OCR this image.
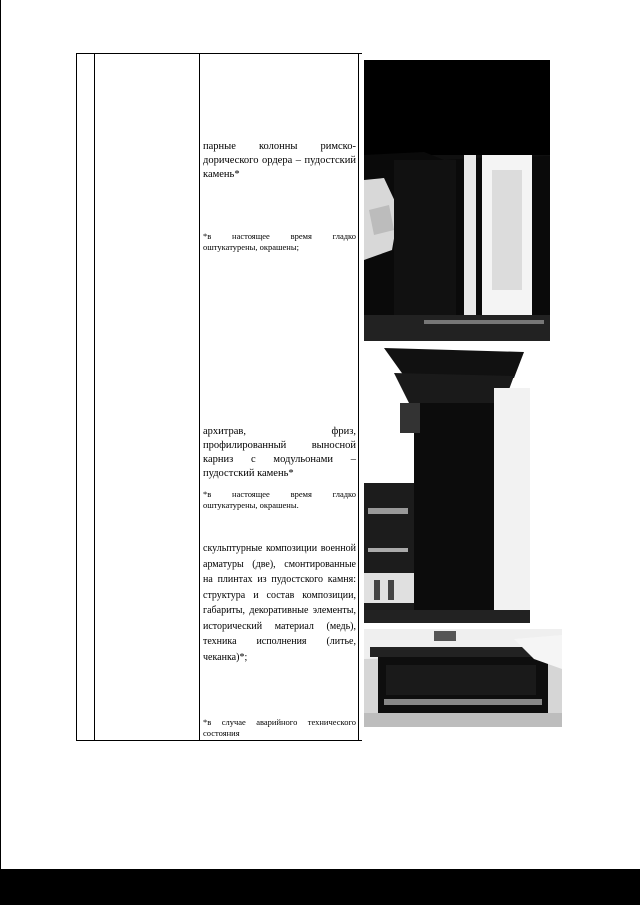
парные колонны римско-дорического ордера – пудостский камень*
*в настоящее время гладко оштукатурены, окрашены;
архитрав, фриз, профилированный выносной карниз с модульонами – пудостский камень*
*в настоящее время гладко оштукатурены, окрашены.
скульптурные композиции военной арматуры (две), смонтированные на плинтах из пудостского камня: структура и состав композиции, габариты, декоративные элементы, исторический материал (медь), техника исполнения (литье, чеканка)*;
*в случае аварийного технического состояния
